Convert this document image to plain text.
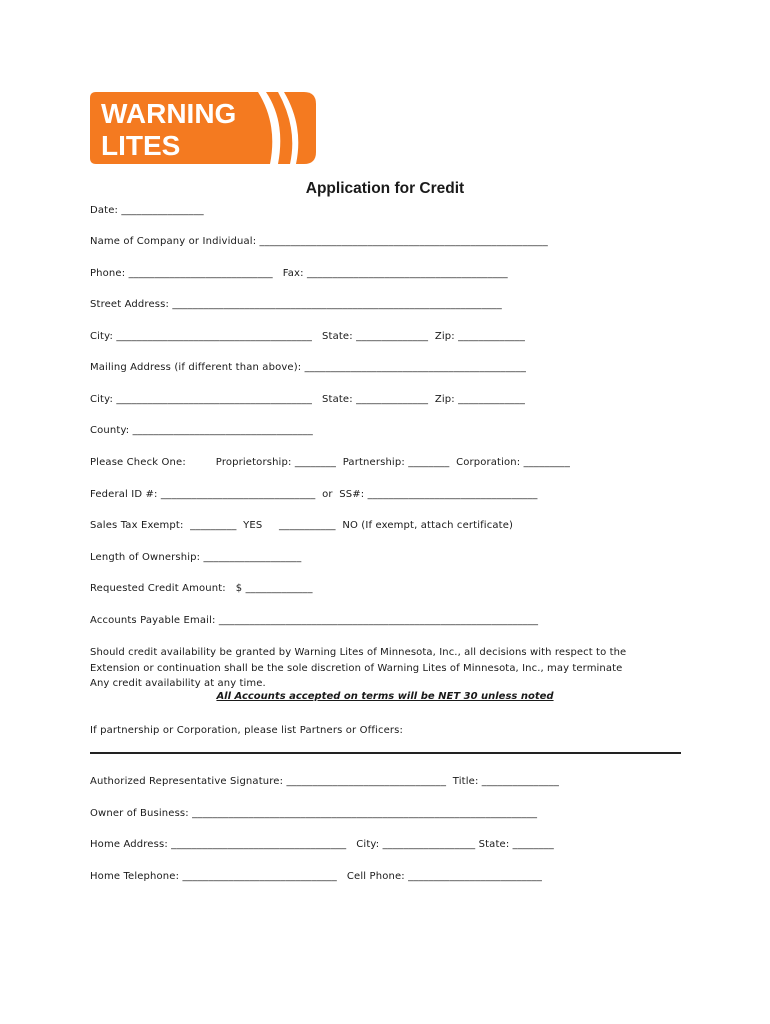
WARNING
LITES
Application for Credit
Date: ________________
Name of Company or Individual: ________________________________________________________
Phone: ____________________________   Fax: _______________________________________
Street Address: ________________________________________________________________
City: ______________________________________   State: ______________  Zip: _____________
Mailing Address (if different than above): ___________________________________________
City: ______________________________________   State: ______________  Zip: _____________
County: ___________________________________
Please Check One:         Proprietorship: ________  Partnership: ________  Corporation: _________
Federal ID #: ______________________________  or  SS#: _________________________________
Sales Tax Exempt:  _________  YES     ___________  NO (If exempt, attach certificate)
Length of Ownership: ___________________
Requested Credit Amount:   $ _____________
Accounts Payable Email: ______________________________________________________________
Should credit availability be granted by Warning Lites of Minnesota, Inc., all decisions with respect to the Extension or continuation shall be the sole discretion of Warning Lites of Minnesota, Inc., may terminate Any credit availability at any time.
All Accounts accepted on terms will be NET 30 unless noted
If partnership or Corporation, please list Partners or Officers:
Authorized Representative Signature: _______________________________  Title: _______________
Owner of Business: ___________________________________________________________________
Home Address: __________________________________   City: __________________ State: ________
Home Telephone: ______________________________   Cell Phone: __________________________
